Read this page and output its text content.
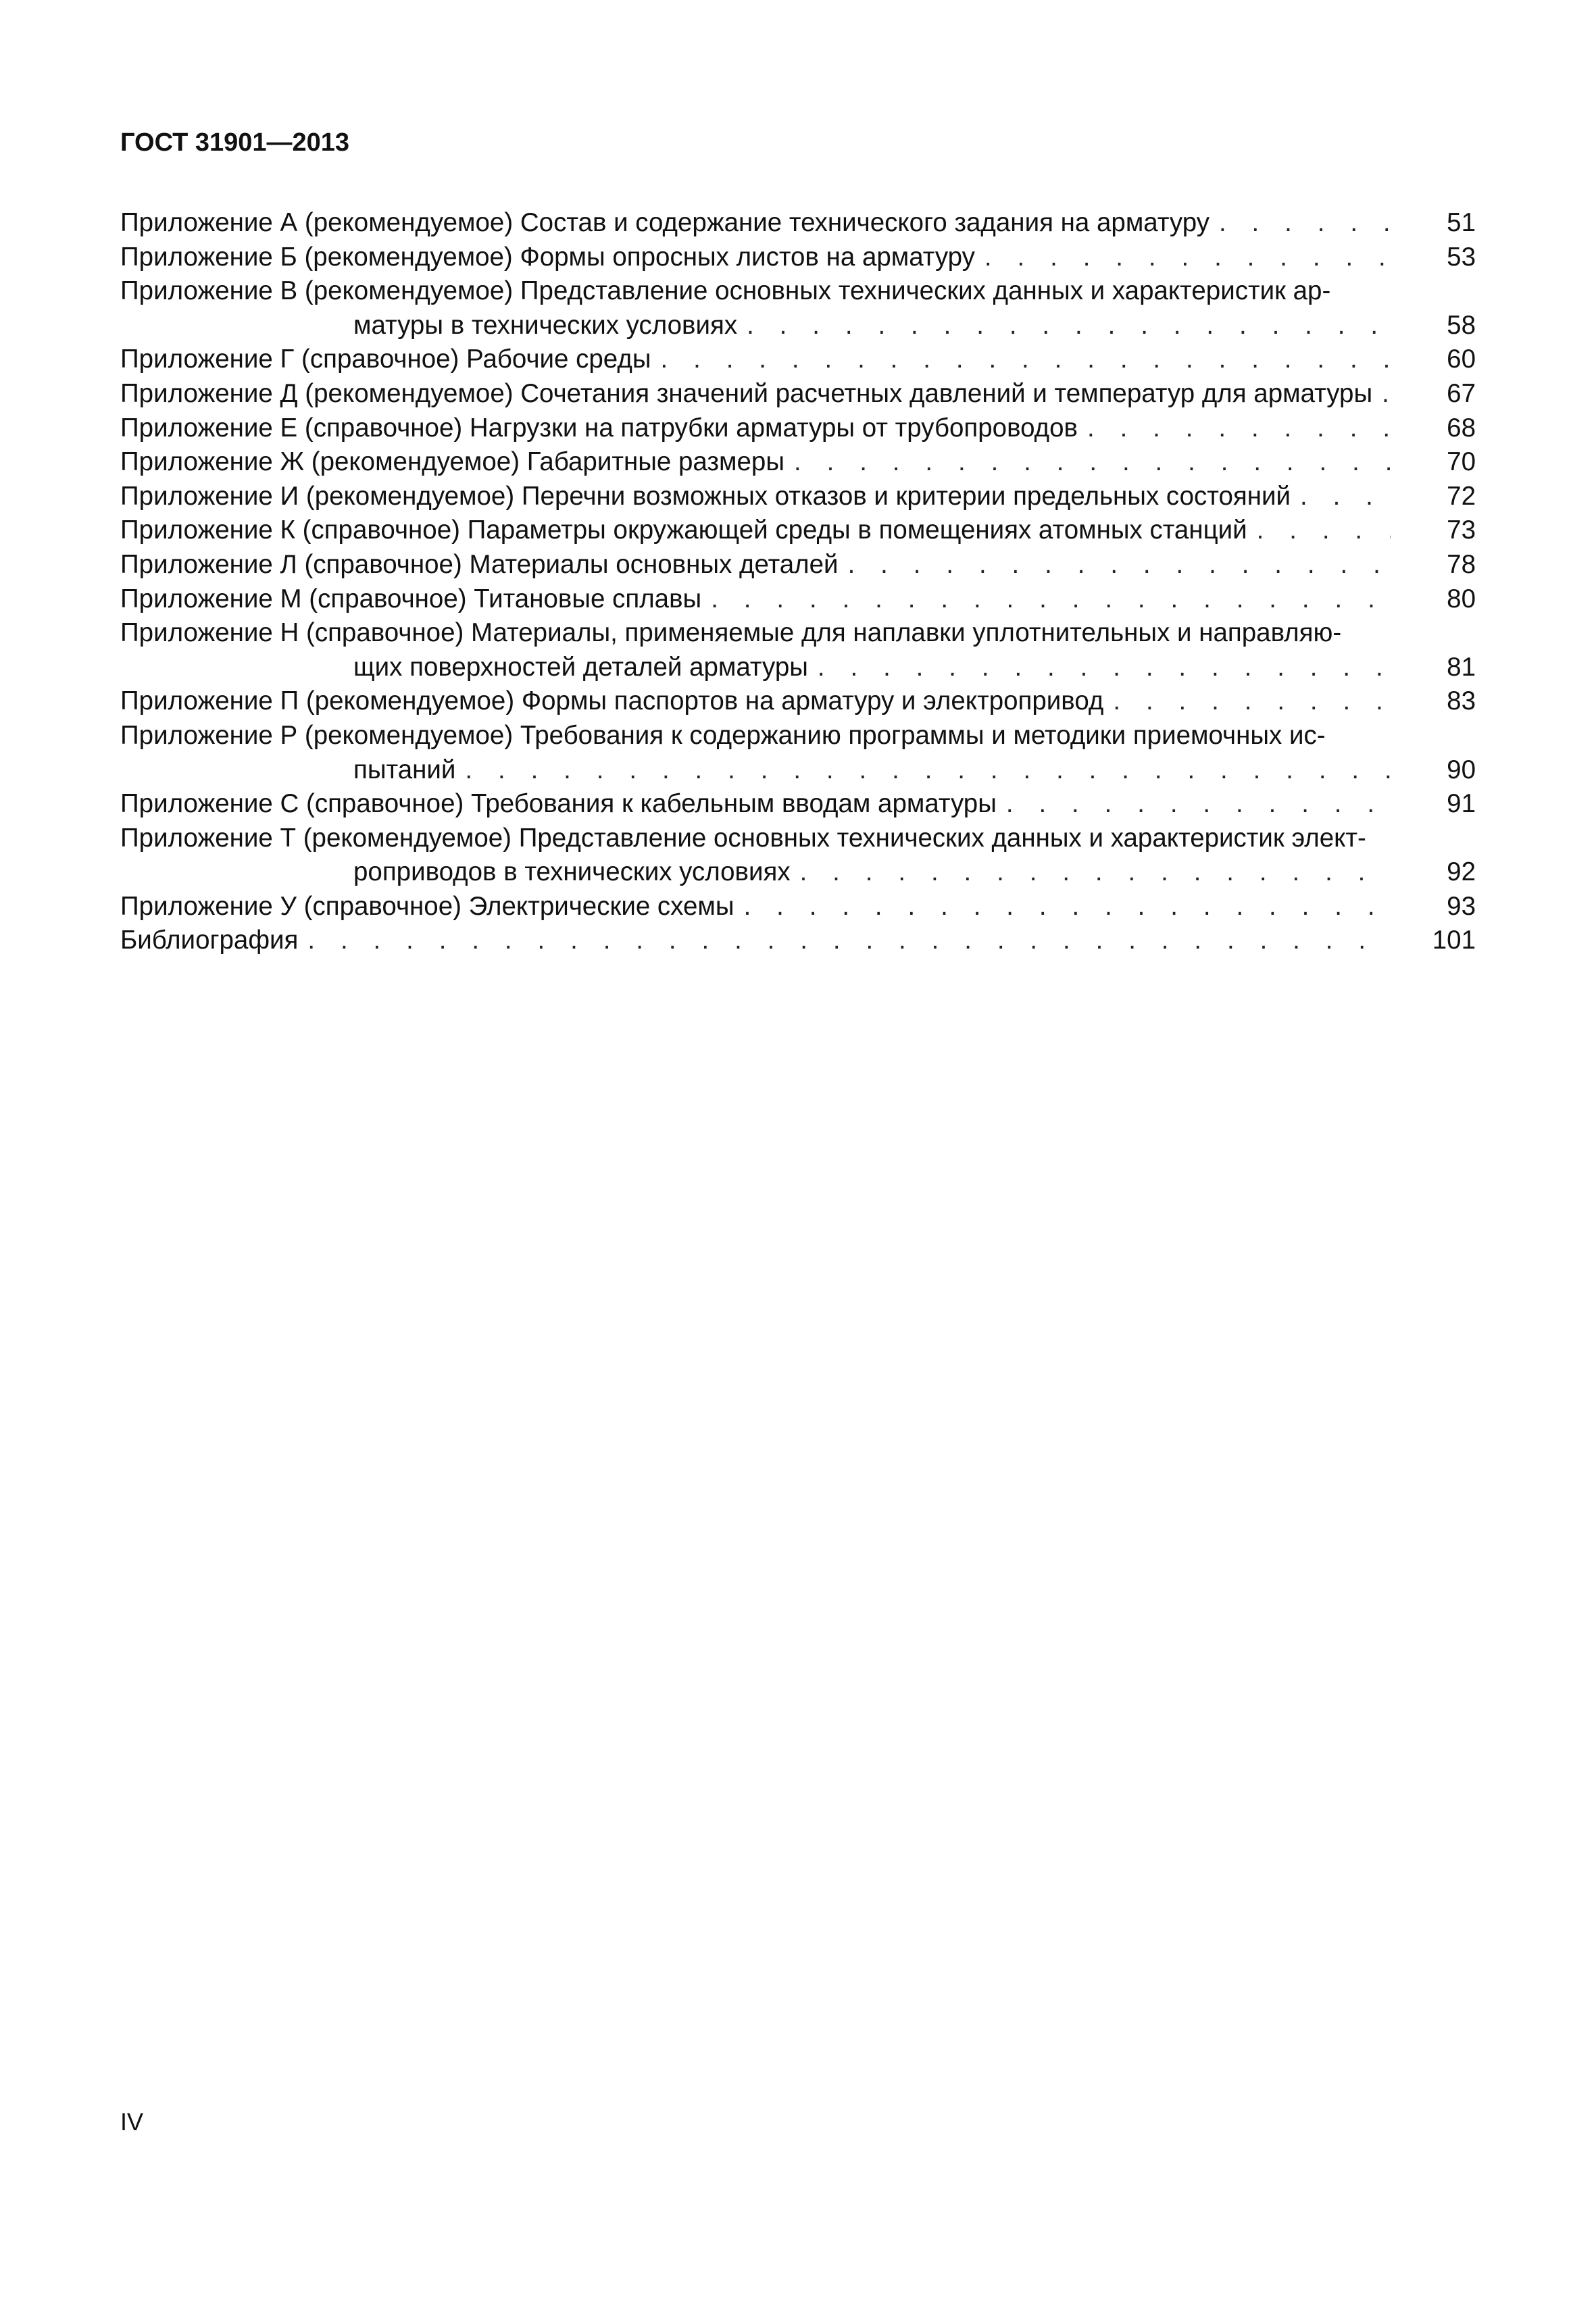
ГОСТ 31901—2013
Приложение А (рекомендуемое) Состав и содержание технического задания на арматуру . . .	51
Приложение Б (рекомендуемое) Формы опросных листов на арматуру . . .	53
Приложение В (рекомендуемое) Представление основных технических данных и характеристик ар-
матуры в технических условиях . . .	58
Приложение Г (справочное) Рабочие среды . . .	60
Приложение Д (рекомендуемое) Сочетания значений расчетных давлений и температур для арматуры . . .	67
Приложение Е (справочное) Нагрузки на патрубки арматуры от трубопроводов . . .	68
Приложение Ж (рекомендуемое) Габаритные размеры . . .	70
Приложение И (рекомендуемое) Перечни возможных отказов и критерии предельных состояний . . .	72
Приложение К (справочное) Параметры окружающей среды в помещениях атомных станций . . .	73
Приложение Л (справочное) Материалы основных деталей . . .	78
Приложение М (справочное) Титановые сплавы . . .	80
Приложение Н (справочное) Материалы, применяемые для наплавки уплотнительных и направляю-
щих поверхностей деталей арматуры . . .	81
Приложение П (рекомендуемое) Формы паспортов на арматуру и электропривод . . .	83
Приложение Р (рекомендуемое) Требования к содержанию программы и методики приемочных ис-
пытаний . . .	90
Приложение С (справочное) Требования к кабельным вводам арматуры . . .	91
Приложение Т (рекомендуемое) Представление основных технических данных и характеристик элект-
роприводов в технических условиях . . .	92
Приложение У (справочное) Электрические схемы . . .	93
Библиография . . .	101
IV
